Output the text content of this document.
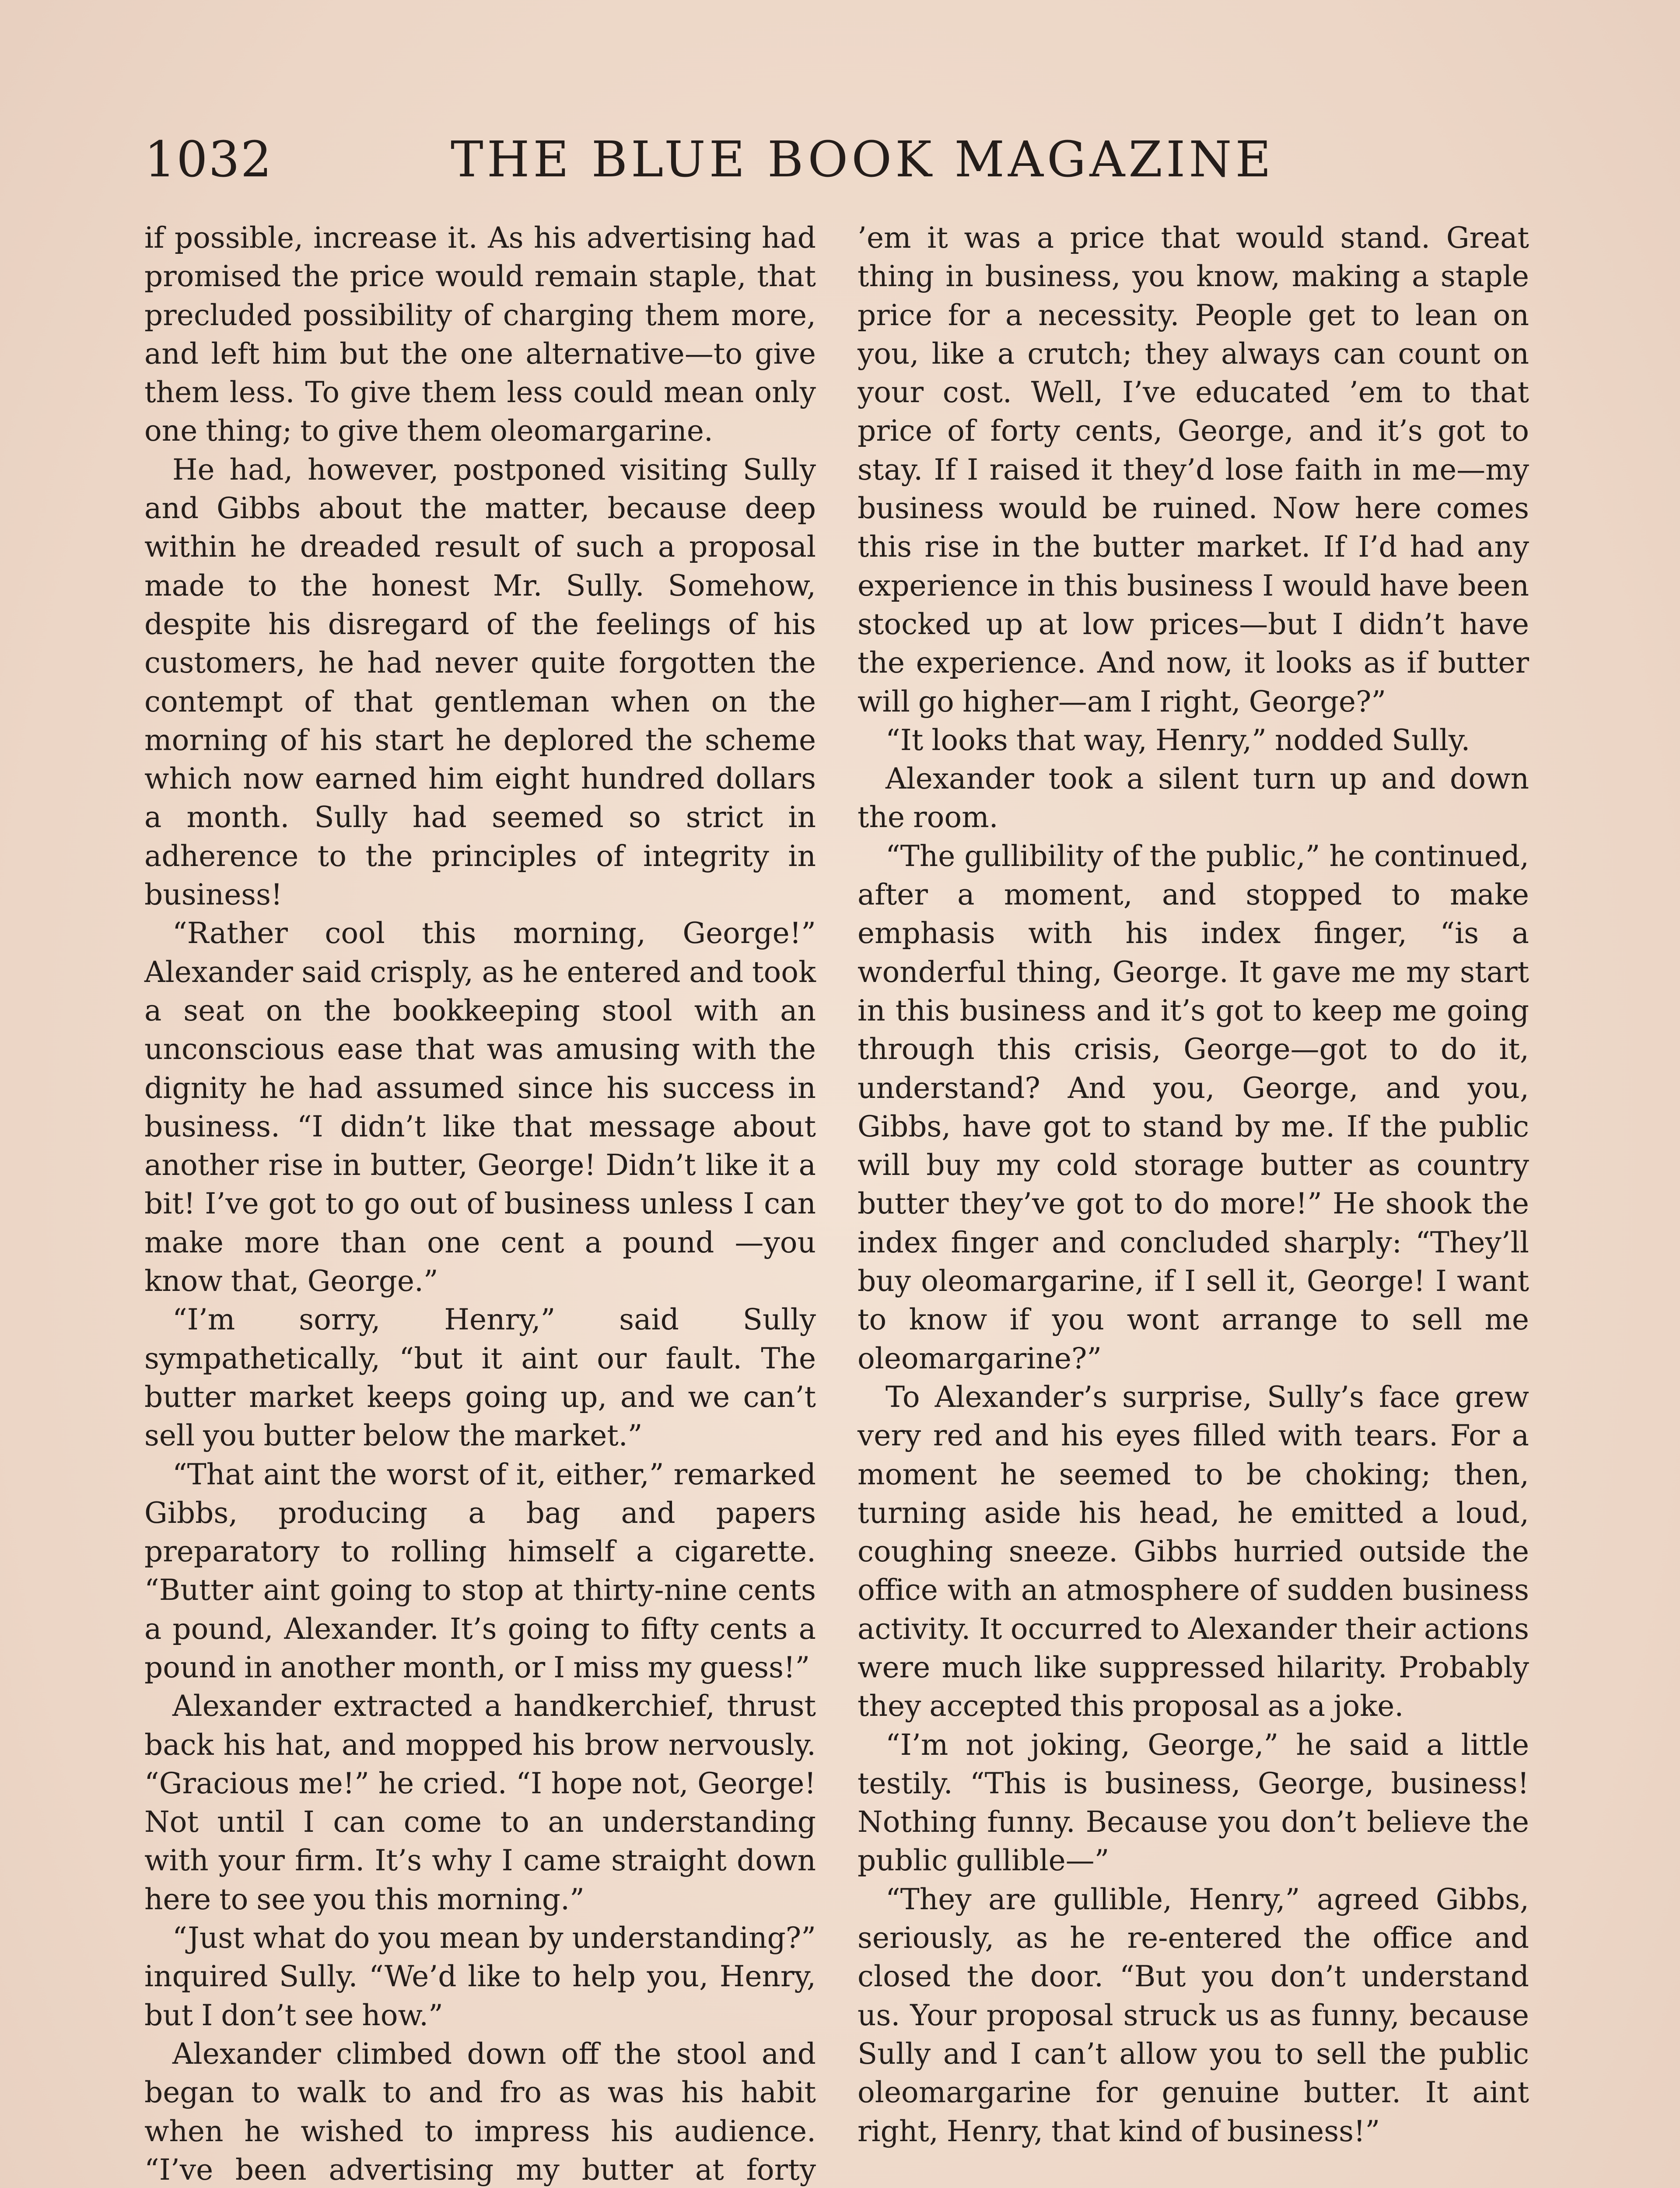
1032	THE BLUE BOOK MAGAZINE

if possible, increase it. As his advertising had promised the price would remain staple, that precluded possibility of charging them more, and left him but the one alternative—to give them less. To give them less could mean only one thing; to give them oleomargarine.

He had, however, postponed visiting Sully and Gibbs about the matter, because deep within he dreaded result of such a proposal made to the honest Mr. Sully. Somehow, despite his disregard of the feelings of his customers, he had never quite forgotten the contempt of that gentleman when on the morning of his start he deplored the scheme which now earned him eight hundred dollars a month. Sully had seemed so strict in adherence to the principles of integrity in business!

“Rather cool this morning, George!” Alexander said crisply, as he entered and took a seat on the bookkeeping stool with an unconscious ease that was amusing with the dignity he had assumed since his success in business. “I didn’t like that message about another rise in butter, George! Didn’t like it a bit! I’ve got to go out of business unless I can make more than one cent a pound —you know that, George.”

“I’m sorry, Henry,” said Sully sympathetically, “but it aint our fault. The butter market keeps going up, and we can’t sell you butter below the market.”

“That aint the worst of it, either,” remarked Gibbs, producing a bag and papers preparatory to rolling himself a cigarette. “Butter aint going to stop at thirty-nine cents a pound, Alexander. It’s going to fifty cents a pound in another month, or I miss my guess!”

Alexander extracted a handkerchief, thrust back his hat, and mopped his brow nervously. “Gracious me!” he cried. “I hope not, George! Not until I can come to an understanding with your firm. It’s why I came straight down here to see you this morning.”

“Just what do you mean by understanding?” inquired Sully. “We’d like to help you, Henry, but I don’t see how.”

Alexander climbed down off the stool and began to walk to and fro as was his habit when he wished to impress his audience. “I’ve been advertising my butter at forty

’em it was a price that would stand. Great thing in business, you know, making a staple price for a necessity. People get to lean on you, like a crutch; they always can count on your cost. Well, I’ve educated ’em to that price of forty cents, George, and it’s got to stay. If I raised it they’d lose faith in me—my business would be ruined. Now here comes this rise in the butter market. If I’d had any experience in this business I would have been stocked up at low prices—but I didn’t have the experience. And now, it looks as if butter will go higher—am I right, George?”

“It looks that way, Henry,” nodded Sully.

Alexander took a silent turn up and down the room.

“The gullibility of the public,” he continued, after a moment, and stopped to make emphasis with his index finger, “is a wonderful thing, George. It gave me my start in this business and it’s got to keep me going through this crisis, George—got to do it, understand? And you, George, and you, Gibbs, have got to stand by me. If the public will buy my cold storage butter as country butter they’ve got to do more!” He shook the index finger and concluded sharply: “They’ll buy oleomargarine, if I sell it, George! I want to know if you wont arrange to sell me oleomargarine?”

To Alexander’s surprise, Sully’s face grew very red and his eyes filled with tears. For a moment he seemed to be choking; then, turning aside his head, he emitted a loud, coughing sneeze. Gibbs hurried outside the office with an atmosphere of sudden business activity. It occurred to Alexander their actions were much like suppressed hilarity. Probably they accepted this proposal as a joke.

“I’m not joking, George,” he said a little testily. “This is business, George, business! Nothing funny. Because you don’t believe the public gullible—”

“They are gullible, Henry,” agreed Gibbs, seriously, as he re-entered the office and closed the door. “But you don’t understand us. Your proposal struck us as funny, because Sully and I can’t allow you to sell the public oleomargarine for genuine butter. It aint right, Henry, that kind of business!”
